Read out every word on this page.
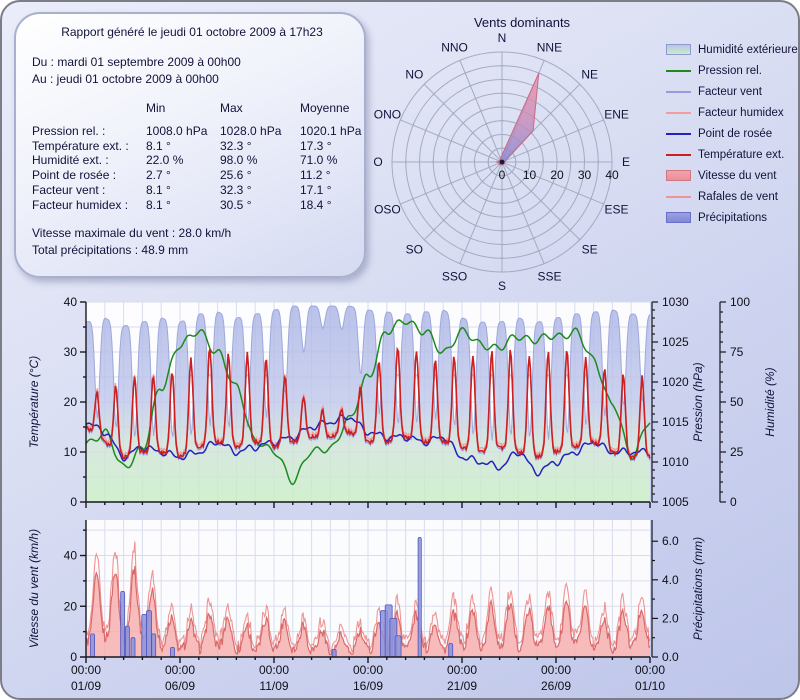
Rapport généré le jeudi 01 octobre 2009 à 17h23
Du : mardi 01 septembre 2009 à 00h00
Au : jeudi 01 octobre 2009 à 00h00
Min	Max	Moyenne
Pression rel. :	1008.0 hPa	1028.0 hPa	1020.1 hPa
Température ext. :	8.1 °	32.3 °	17.3 °
Humidité ext. :	22.0 %	98.0 %	71.0 %
Point de rosée :	2.7 °	25.6 °	11.2 °
Facteur vent :	8.1 °	32.3 °	17.1 °
Facteur humidex :	8.1 °	30.5 °	18.4 °
Vitesse maximale du vent : 28.0 km/h
Total précipitations : 48.9 mm
Vents dominants
N
NNE
NE
ENE
E
ESE
SE
SSE
S
SSO
SO
OSO
O
ONO
NO
NNO
0 10 20 30 40
Humidité extérieure
Pression rel.
Facteur vent
Facteur humidex
Point de rosée
Température ext.
Vitesse du vent
Rafales de vent
Précipitations
0
10
20
30
40
Température (°C)
1005
1010
1015
1020
1025
1030
Pression (hPa)
0
25
50
75
100
Humidité (%)
0
20
40
Vitesse du vent (km/h)
0.0
2.0
4.0
6.0 Précipitations (mm)
00:00
01/09
00:00
06/09
00:00
11/09
00:00
16/09
00:00
21/09
00:00
26/09
00:00
01/10
